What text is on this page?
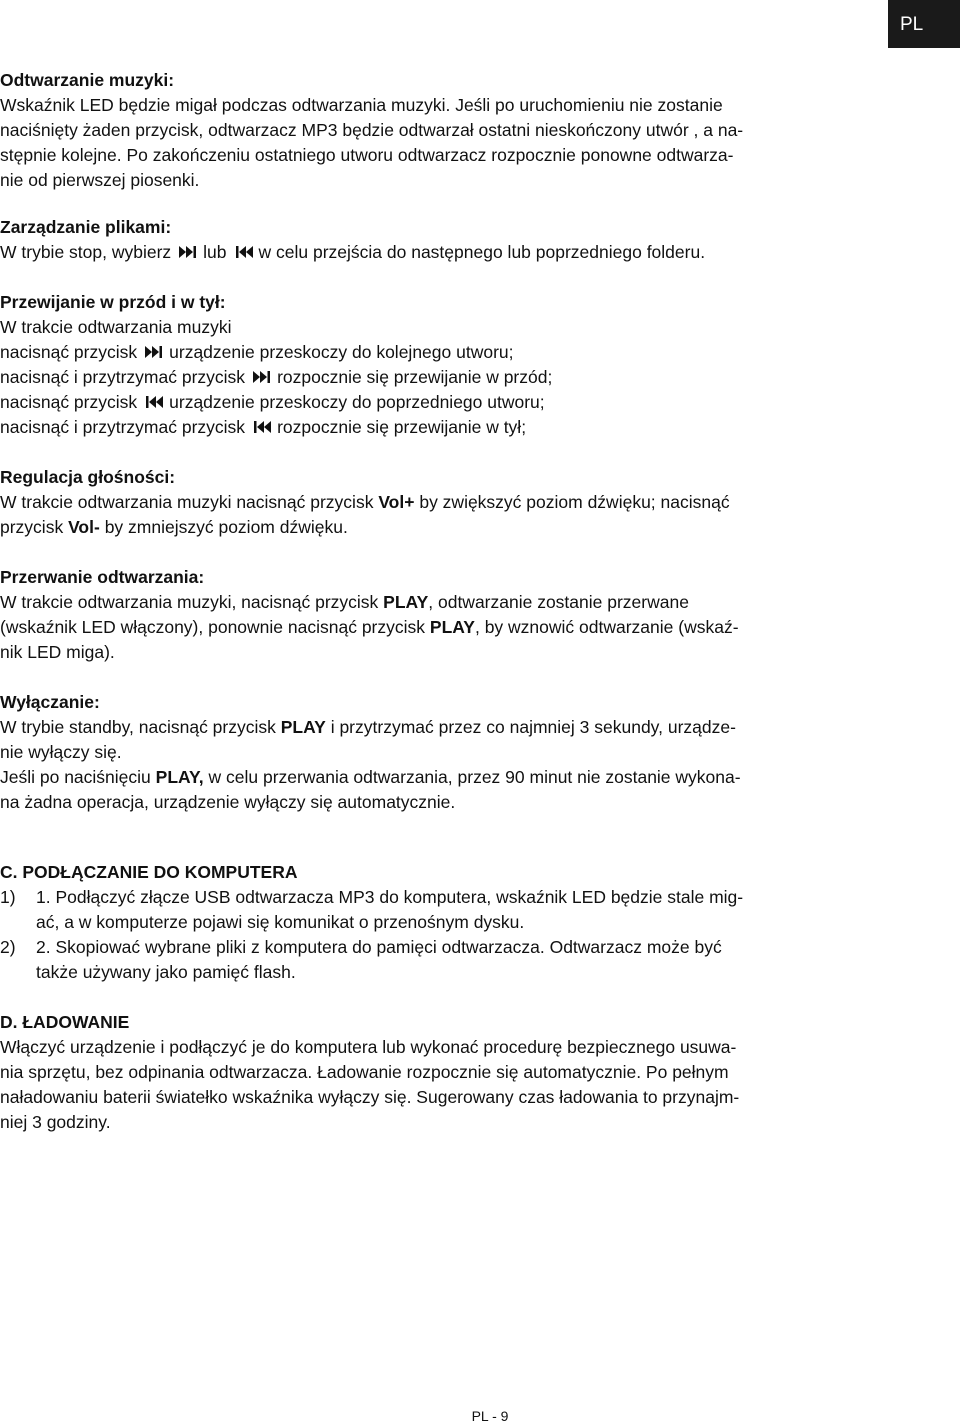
PL
Odtwarzanie muzyki:
Wskaźnik LED będzie migał podczas odtwarzania muzyki. Jeśli po uruchomieniu nie zostanie
naciśnięty żaden przycisk, odtwarzacz MP3 będzie odtwarzał ostatni nieskończony utwór , a na-
stępnie kolejne. Po zakończeniu ostatniego utworu odtwarzacz rozpocznie ponowne odtwarza-
nie od pierwszej piosenki.
Zarządzanie plikami:
W trybie stop, wybierz lub w celu przejścia do następnego lub poprzedniego folderu.
Przewijanie w przód i w tył:
W trakcie odtwarzania muzyki
nacisnąć przycisk urządzenie przeskoczy do kolejnego utworu;
nacisnąć i przytrzymać przycisk rozpocznie się przewijanie w przód;
nacisnąć przycisk urządzenie przeskoczy do poprzedniego utworu;
nacisnąć i przytrzymać przycisk rozpocznie się przewijanie w tył;
Regulacja głośności:
W trakcie odtwarzania muzyki nacisnąć przycisk Vol+ by zwiększyć poziom dźwięku; nacisnąć
przycisk Vol- by zmniejszyć poziom dźwięku.
Przerwanie odtwarzania:
W trakcie odtwarzania muzyki, nacisnąć przycisk PLAY, odtwarzanie zostanie przerwane
(wskaźnik LED włączony), ponownie nacisnąć przycisk PLAY, by wznowić odtwarzanie (wskaź-
nik LED miga).
Wyłączanie:
W trybie standby, nacisnąć przycisk PLAY i przytrzymać przez co najmniej 3 sekundy, urządze-
nie wyłączy się.
Jeśli po naciśnięciu PLAY, w celu przerwania odtwarzania, przez 90 minut nie zostanie wykona-
na żadna operacja, urządzenie wyłączy się automatycznie.
C. PODŁĄCZANIE DO KOMPUTERA
1) 1. Podłączyć złącze USB odtwarzacza MP3 do komputera, wskaźnik LED będzie stale mig-
ać, a w komputerze pojawi się komunikat o przenośnym dysku.
2) 2. Skopiować wybrane pliki z komputera do pamięci odtwarzacza. Odtwarzacz może być
także używany jako pamięć flash.
D. ŁADOWANIE
Włączyć urządzenie i podłączyć je do komputera lub wykonać procedurę bezpiecznego usuwa-
nia sprzętu, bez odpinania odtwarzacza. Ładowanie rozpocznie się automatycznie. Po pełnym
naładowaniu baterii światełko wskaźnika wyłączy się. Sugerowany czas ładowania to przynajm-
niej 3 godziny.
PL - 9
